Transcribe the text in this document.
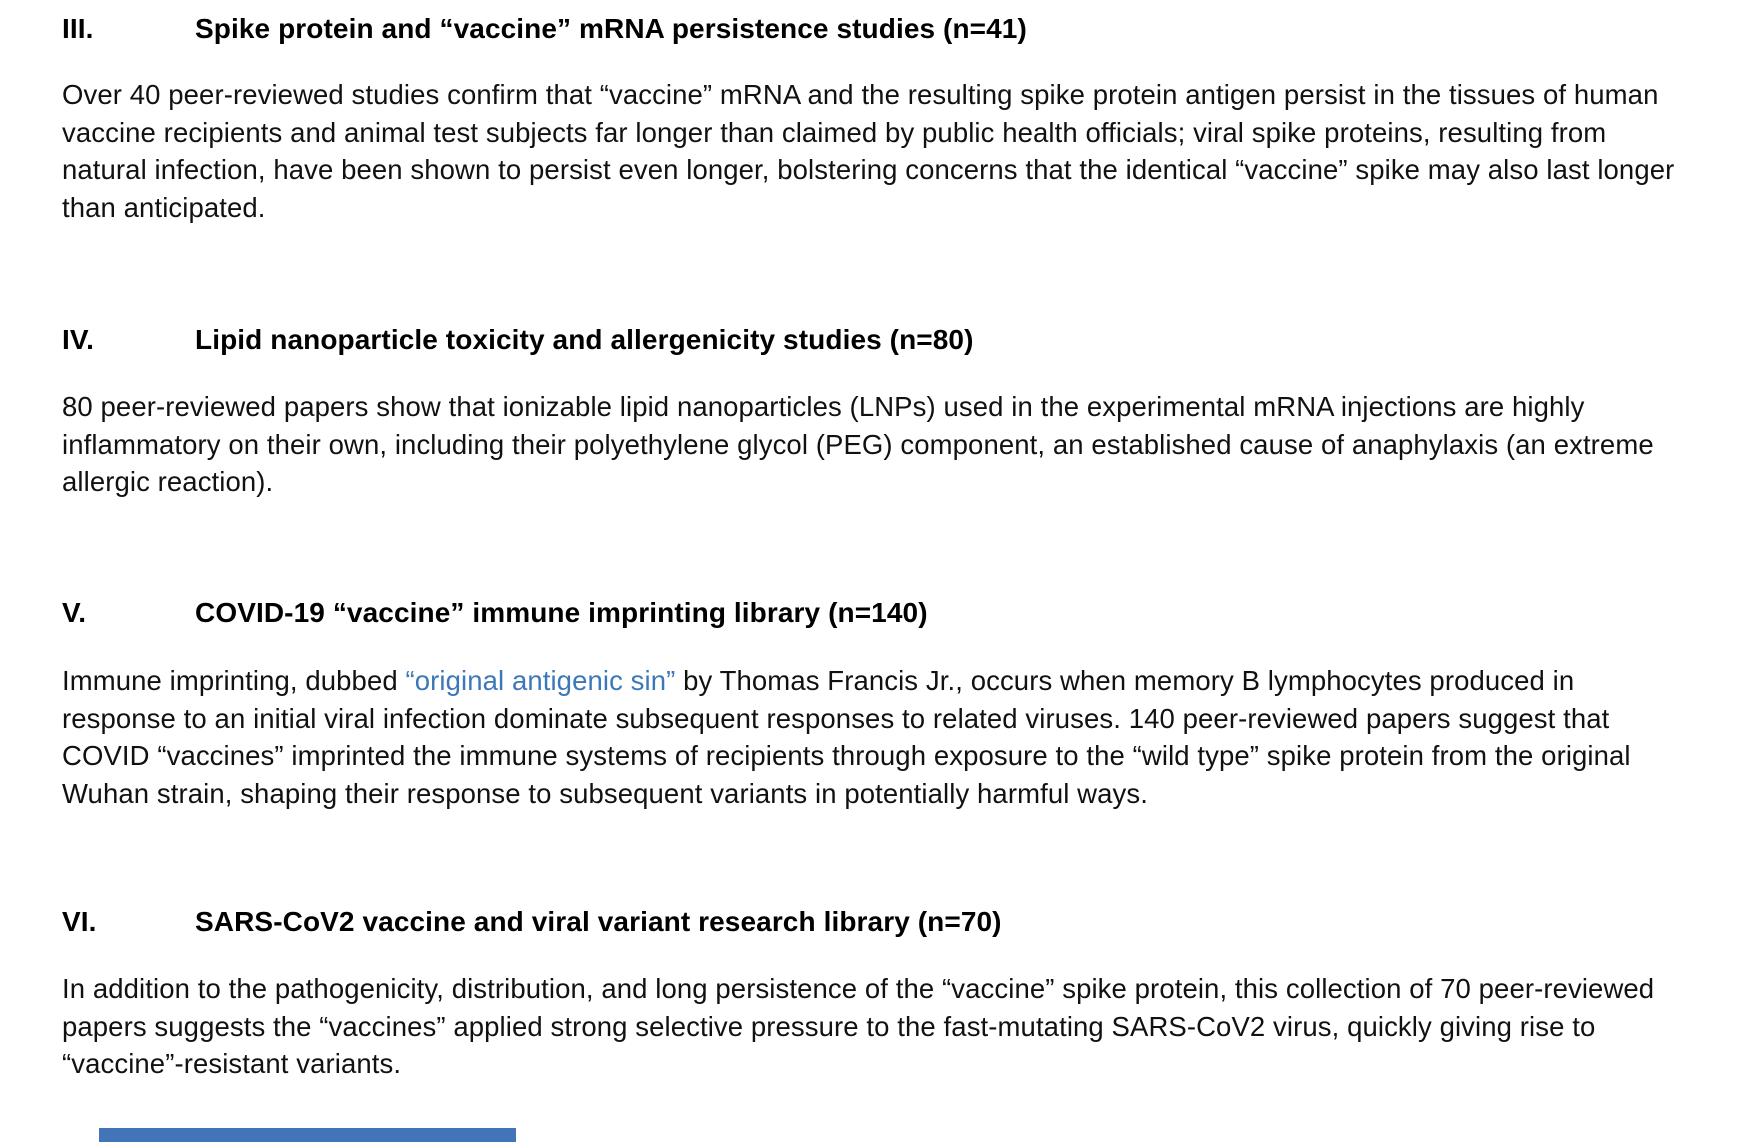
III.	Spike protein and “vaccine” mRNA persistence studies (n=41)
Over 40 peer-reviewed studies confirm that “vaccine” mRNA and the resulting spike protein antigen persist in the tissues of human
vaccine recipients and animal test subjects far longer than claimed by public health officials; viral spike proteins, resulting from
natural infection, have been shown to persist even longer, bolstering concerns that the identical “vaccine” spike may also last longer
than anticipated.
IV.	Lipid nanoparticle toxicity and allergenicity studies (n=80)
80 peer-reviewed papers show that ionizable lipid nanoparticles (LNPs) used in the experimental mRNA injections are highly
inflammatory on their own, including their polyethylene glycol (PEG) component, an established cause of anaphylaxis (an extreme
allergic reaction).
V.	COVID-19 “vaccine” immune imprinting library (n=140)
Immune imprinting, dubbed “original antigenic sin” by Thomas Francis Jr., occurs when memory B lymphocytes produced in
response to an initial viral infection dominate subsequent responses to related viruses. 140 peer-reviewed papers suggest that
COVID “vaccines” imprinted the immune systems of recipients through exposure to the “wild type” spike protein from the original
Wuhan strain, shaping their response to subsequent variants in potentially harmful ways.
VI.	SARS-CoV2 vaccine and viral variant research library (n=70)
In addition to the pathogenicity, distribution, and long persistence of the “vaccine” spike protein, this collection of 70 peer-reviewed
papers suggests the “vaccines” applied strong selective pressure to the fast-mutating SARS-CoV2 virus, quickly giving rise to
“vaccine”-resistant variants.
